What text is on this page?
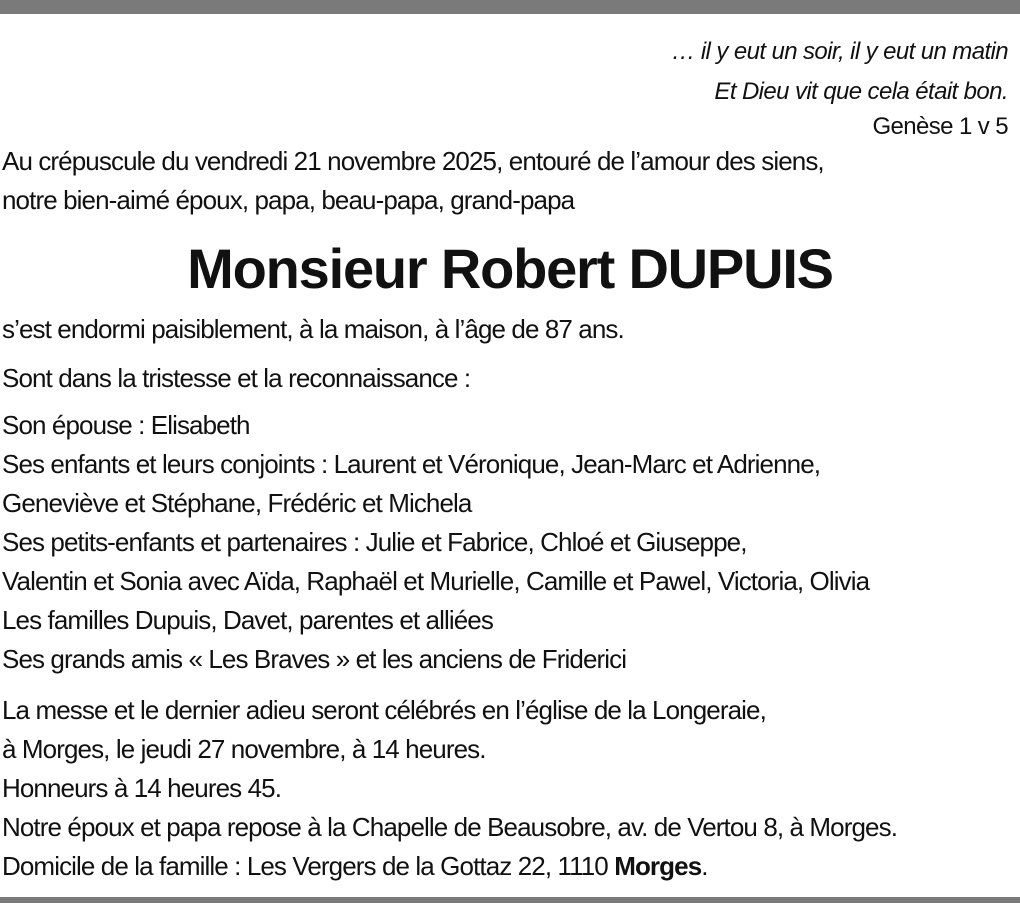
… il y eut un soir, il y eut un matin
Et Dieu vit que cela était bon.
Genèse 1 v 5
Au crépuscule du vendredi 21 novembre 2025, entouré de l’amour des siens,
notre bien-aimé époux, papa, beau-papa, grand-papa
Monsieur Robert DUPUIS
s’est endormi paisiblement, à la maison, à l’âge de 87 ans.
Sont dans la tristesse et la reconnaissance :
Son épouse : Elisabeth
Ses enfants et leurs conjoints : Laurent et Véronique, Jean-Marc et Adrienne,
Geneviève et Stéphane, Frédéric et Michela
Ses petits-enfants et partenaires : Julie et Fabrice, Chloé et Giuseppe,
Valentin et Sonia avec Aïda, Raphaël et Murielle, Camille et Pawel, Victoria, Olivia
Les familles Dupuis, Davet, parentes et alliées
Ses grands amis « Les Braves » et les anciens de Friderici
La messe et le dernier adieu seront célébrés en l’église de la Longeraie,
à Morges, le jeudi 27 novembre, à 14 heures.
Honneurs à 14 heures 45.
Notre époux et papa repose à la Chapelle de Beausobre, av. de Vertou 8, à Morges.
Domicile de la famille : Les Vergers de la Gottaz 22, 1110 Morges.
